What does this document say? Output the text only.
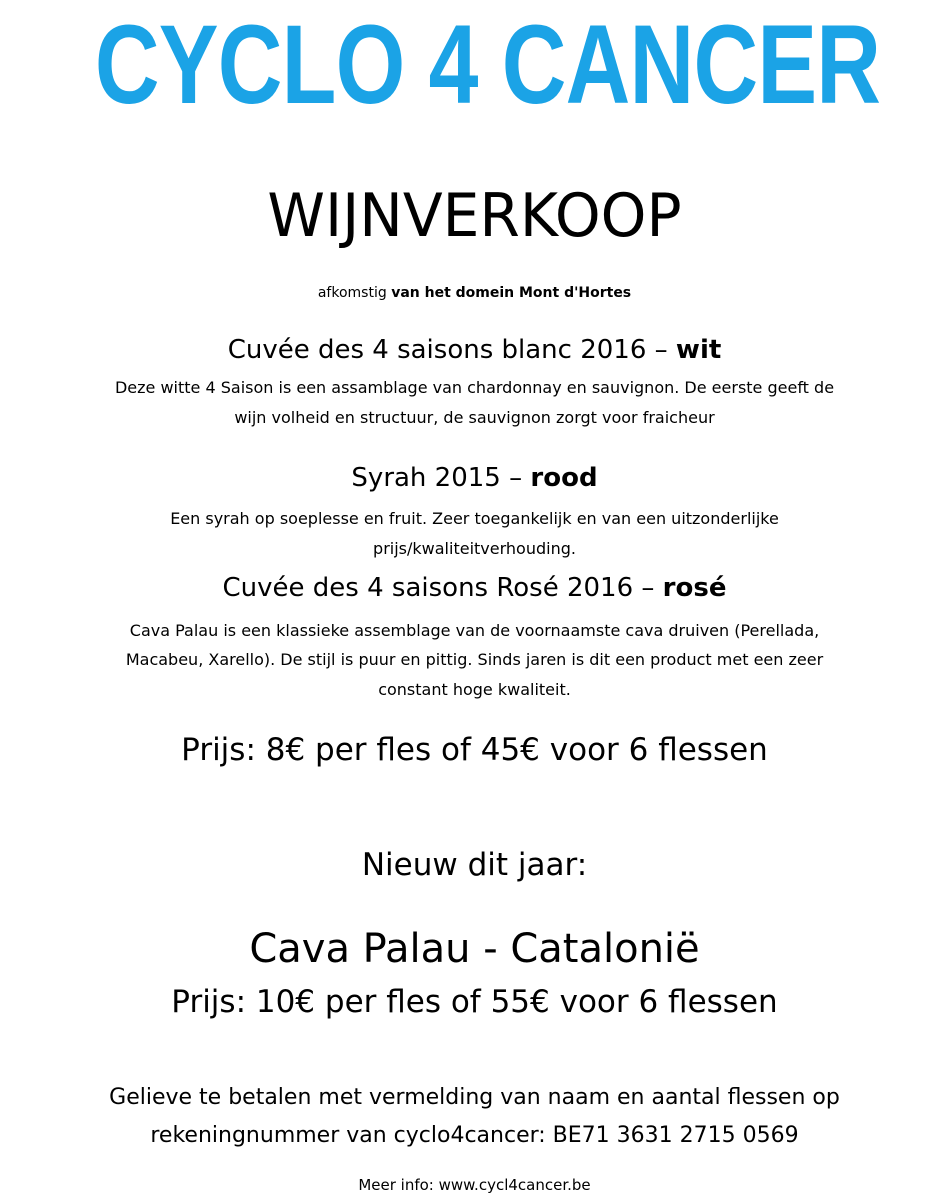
CYCLO 4 CANCER
WIJNVERKOOP
afkomstig van het domein Mont d'Hortes
Cuvée des 4 saisons blanc 2016 – wit
Deze witte 4 Saison is een assamblage van chardonnay en sauvignon. De eerste geeft de
wijn volheid en structuur, de sauvignon zorgt voor fraicheur
Syrah 2015 – rood
Een syrah op soeplesse en fruit. Zeer toegankelijk en van een uitzonderlijke
prijs/kwaliteitverhouding.
Cuvée des 4 saisons Rosé 2016 – rosé
Cava Palau is een klassieke assemblage van de voornaamste cava druiven (Perellada,
Macabeu, Xarello). De stijl is puur en pittig. Sinds jaren is dit een product met een zeer
constant hoge kwaliteit.
Prijs: 8€ per fles of 45€ voor 6 flessen
Nieuw dit jaar:
Cava Palau - Catalonië
Prijs: 10€ per fles of 55€ voor 6 flessen
Gelieve te betalen met vermelding van naam en aantal flessen op
rekeningnummer van cyclo4cancer: BE71 3631 2715 0569
Meer info: www.cycl4cancer.be
